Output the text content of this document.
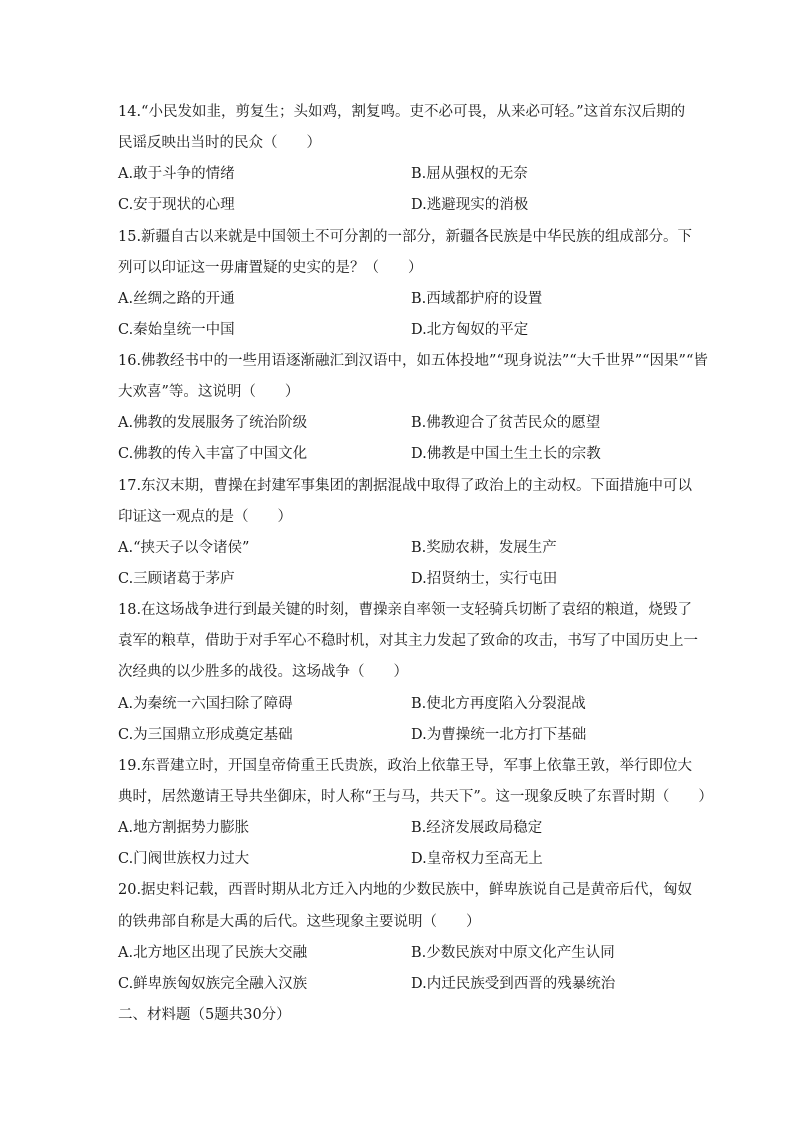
14.“小民发如韭，剪复生；头如鸡，割复鸣。吏不必可畏，从来必可轻。”这首东汉后期的
民谣反映出当时的民众（　　）
A.敢于斗争的情绪	B.屈从强权的无奈
C.安于现状的心理	D.逃避现实的消极
15.新疆自古以来就是中国领土不可分割的一部分，新疆各民族是中华民族的组成部分。下
列可以印证这一毋庸置疑的史实的是？（　　）
A.丝绸之路的开通	B.西域都护府的设置
C.秦始皇统一中国	D.北方匈奴的平定
16.佛教经书中的一些用语逐渐融汇到汉语中，如五体投地”“现身说法”“大千世界”“因果”“皆
大欢喜”等。这说明（　　）
A.佛教的发展服务了统治阶级	B.佛教迎合了贫苦民众的愿望
C.佛教的传入丰富了中国文化	D.佛教是中国土生土长的宗教
17.东汉末期，曹操在封建军事集团的割据混战中取得了政治上的主动权。下面措施中可以
印证这一观点的是（　　）
A.“挟天子以令诸侯”	B.奖励农耕，发展生产
C.三顾诸葛于茅庐	D.招贤纳士，实行屯田
18.在这场战争进行到最关键的时刻，曹操亲自率领一支轻骑兵切断了袁绍的粮道，烧毁了
袁军的粮草，借助于对手军心不稳时机，对其主力发起了致命的攻击，书写了中国历史上一
次经典的以少胜多的战役。这场战争（　　）
A.为秦统一六国扫除了障碍	B.使北方再度陷入分裂混战
C.为三国鼎立形成奠定基础	D.为曹操统一北方打下基础
19.东晋建立时，开国皇帝倚重王氏贵族，政治上依靠王导，军事上依靠王敦，举行即位大
典时，居然邀请王导共坐御床，时人称“王与马，共天下”。这一现象反映了东晋时期（　　）
A.地方割据势力膨胀	B.经济发展政局稳定
C.门阀世族权力过大	D.皇帝权力至高无上
20.据史料记载，西晋时期从北方迁入内地的少数民族中，鲜卑族说自己是黄帝后代，匈奴
的铁弗部自称是大禹的后代。这些现象主要说明（　　）
A.北方地区出现了民族大交融	B.少数民族对中原文化产生认同
C.鲜卑族匈奴族完全融入汉族	D.内迁民族受到西晋的残暴统治
二、材料题（5题共30分）
